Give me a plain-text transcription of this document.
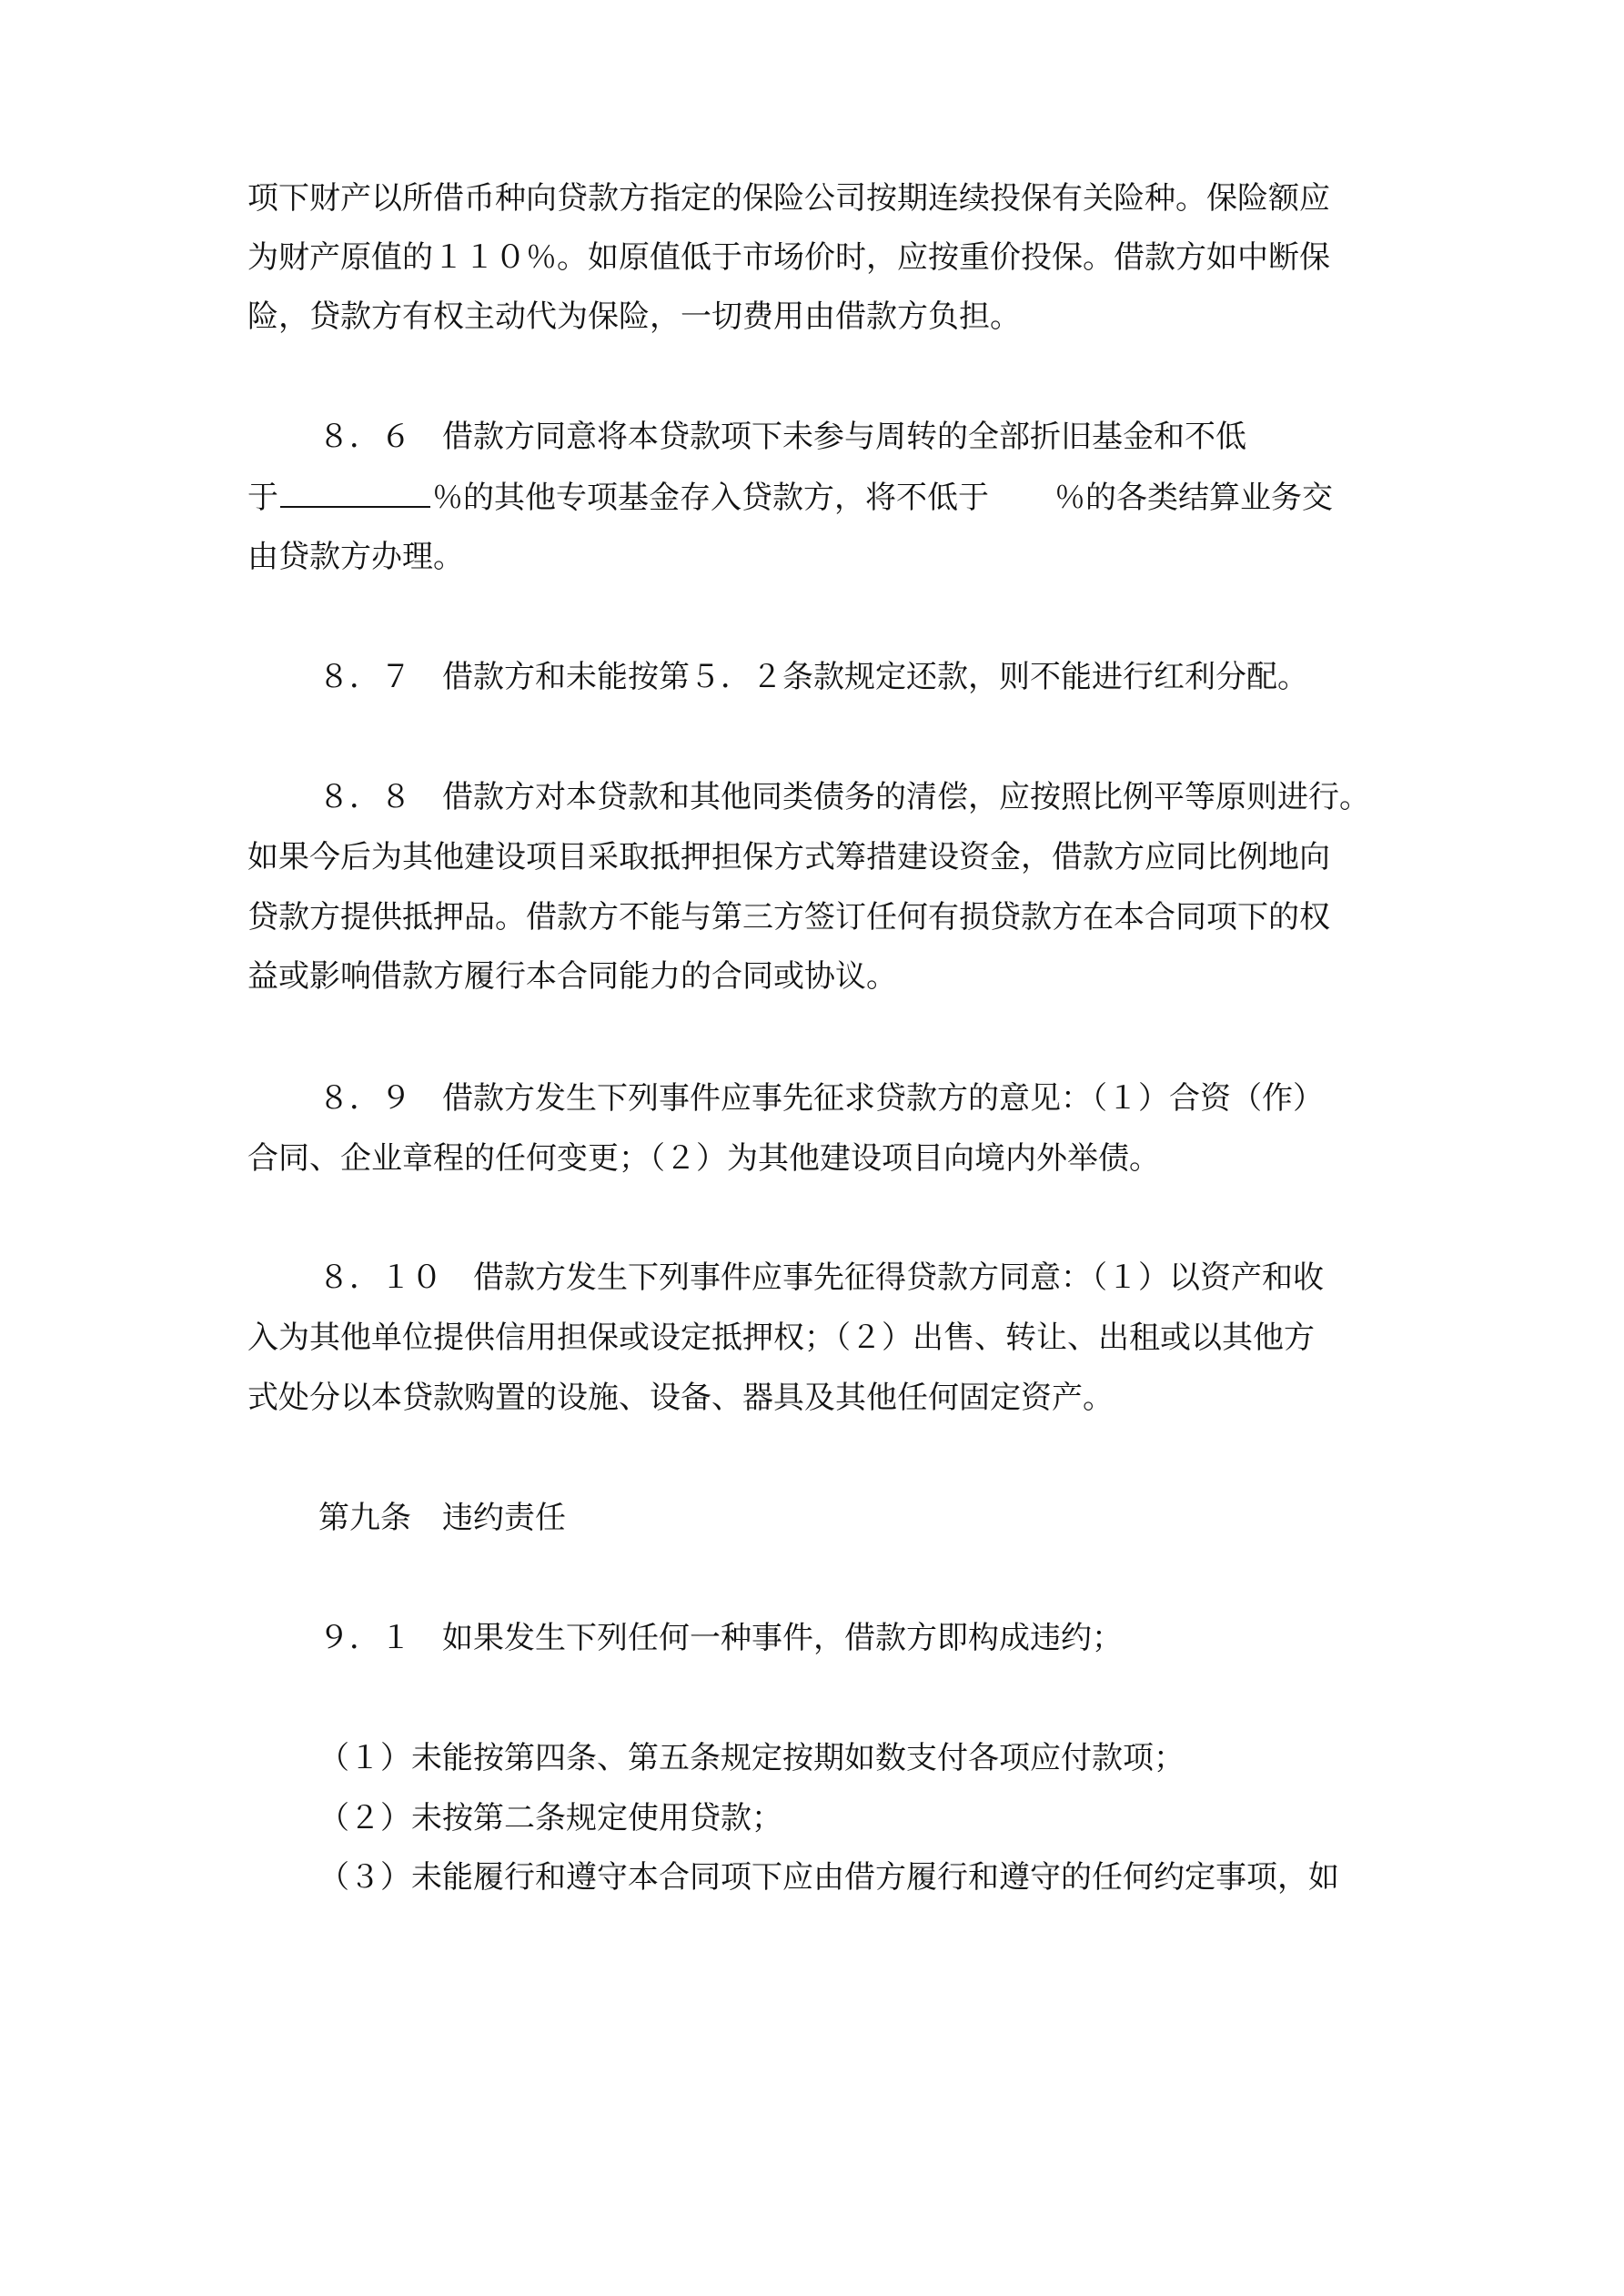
项下财产以所借币种向贷款方指定的保险公司按期连续投保有关险种。保险额应
为财产原值的１１０％。如原值低于市场价时，应按重价投保。借款方如中断保
险，贷款方有权主动代为保险，一切费用由借款方负担。
８．６　借款方同意将本贷款项下未参与周转的全部折旧基金和不低
于	％的其他专项基金存入贷款方，将不低于 ％的各类结算业务交
由贷款方办理。
８．７　借款方和未能按第５．２条款规定还款，则不能进行红利分配。
８．８　借款方对本贷款和其他同类债务的清偿，应按照比例平等原则进行。
如果今后为其他建设项目采取抵押担保方式筹措建设资金，借款方应同比例地向
贷款方提供抵押品。借款方不能与第三方签订任何有损贷款方在本合同项下的权
益或影响借款方履行本合同能力的合同或协议。
８．９　借款方发生下列事件应事先征求贷款方的意见：（１）合资（作）
合同、企业章程的任何变更；（２）为其他建设项目向境内外举债。
８．１０　借款方发生下列事件应事先征得贷款方同意：（１）以资产和收
入为其他单位提供信用担保或设定抵押权；（２）出售、转让、出租或以其他方
式处分以本贷款购置的设施、设备、器具及其他任何固定资产。
第九条　违约责任
９．１　如果发生下列任何一种事件，借款方即构成违约；
（１）未能按第四条、第五条规定按期如数支付各项应付款项；
（２）未按第二条规定使用贷款；
（３）未能履行和遵守本合同项下应由借方履行和遵守的任何约定事项，如
